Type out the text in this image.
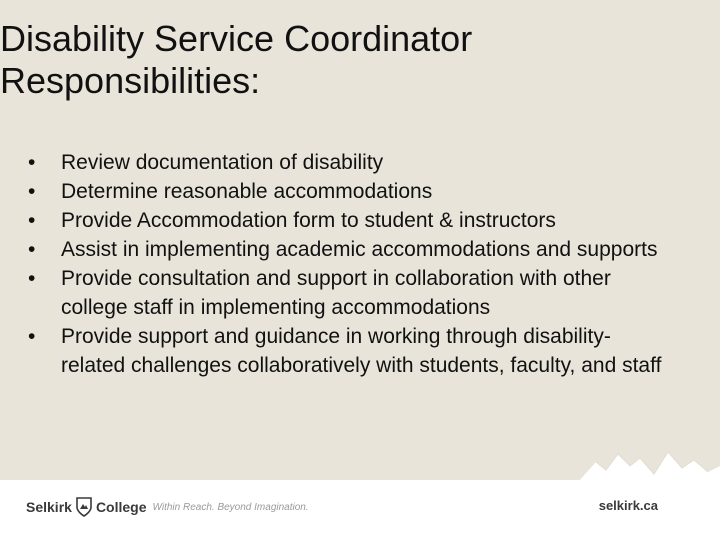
Disability Service Coordinator
Responsibilities:
• Review documentation of disability
• Determine reasonable accommodations
• Provide Accommodation form to student & instructors
• Assist in implementing academic accommodations and supports
• Provide consultation and support in collaboration with other college staff in implementing accommodations
• Provide support and guidance in working through disability-related challenges collaboratively with students, faculty, and staff
Selkirk College Within Reach. Beyond Imagination.	selkirk.ca
